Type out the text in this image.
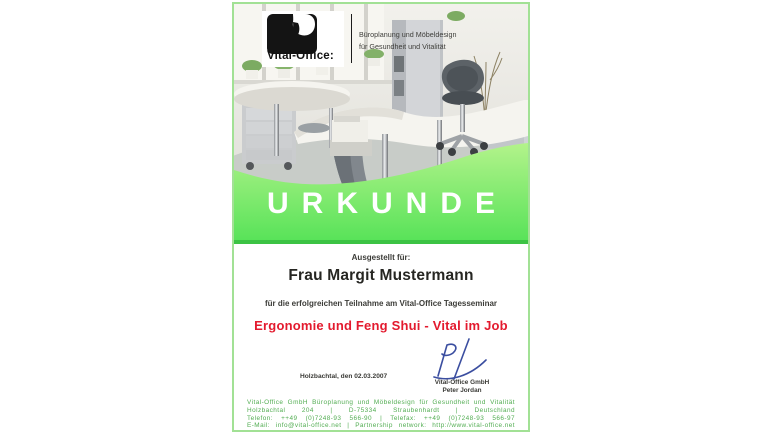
Vital-Office:
Büroplanung und Möbeldesign
für Gesundheit und Vitalität
URKUNDE
Ausgestellt für:
Frau Margit Mustermann
für die erfolgreichen Teilnahme am Vital-Office Tagesseminar
Ergonomie und Feng Shui - Vital im Job
Holzbachtal, den 02.03.2007
Vital-Office GmbH
Peter Jordan
Vital-Office GmbH Büroplanung und Möbeldesign für Gesundheit und Vitalität
Holzbachtal 204 | D-75334 Straubenhardt | Deutschland
Telefon: ++49 (0)7248-93 566-90 | Telefax: ++49 (0)7248-93 566-97
E-Mail: info@vital-office.net | Partnership network: http://www.vital-office.net
